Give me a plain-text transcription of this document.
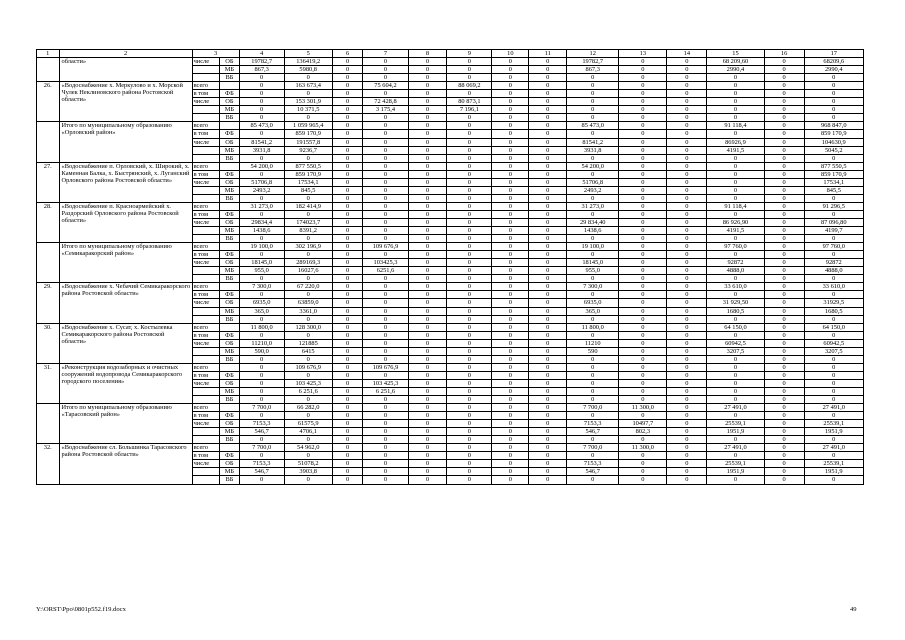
1	2	3		4	5	6	7	8	9	10	11	12	13	14	15	16	17
	области»	числе	ОБ	19782,7	136419,2	0	0	0	0	0	0	19782,7	0	0	68 209,60	0	68209,6
			МБ	867,3	5980,8	0	0	0	0	0	0	867,3	0	0	2990,4	0	2990,4
			ВБ	0	0	0	0	0	0	0	0	0	0	0	0	0	0
26.	«Водоснабжение х. Меркулово и х. Морской Чулек Неклиновского района Ростовской области»	всего		0	163 673,4	0	75 604,2	0	88 069,2	0	0	0	0	0	0	0	0
		в том	ФБ	0	0	0	0	0	0	0	0	0	0	0	0	0	0
		числе	ОБ	0	153 301,9	0	72 428,8	0	80 873,1	0	0	0	0	0	0	0	0
			МБ	0	10 371,5	0	3 175,4	0	7 196,1	0	0	0	0	0	0	0	0
			ВБ	0	0	0	0	0	0	0	0	0	0	0	0	0	0
	Итого по муниципальному образованию «Орловский район»	всего		85 473,0	1 059 965,4	0	0	0	0	0	0	85 473,0	0	0	91 118,4	0	968 847,0
		в том	ФБ	0	859 170,9	0	0	0	0	0	0	0	0	0	0	0	859 170,9
		числе	ОБ	81541,2	191557,8	0	0	0	0	0	0	81541,2	0	0	86926,9	0	104630,9
			МБ	3931,8	9236,7	0	0	0	0	0	0	3931,8	0	0	4191,5	0	5045,2
			ВБ	0	0	0	0	0	0	0	0	0	0	0	0	0	0
27.	«Водоснабжение п. Орловский, х. Широкий, х. Каменная Балка, х. Быстрянский, х. Луганский Орловского района Ростовской области»	всего		54 200,0	877 550,5	0	0	0	0	0	0	54 200,0	0	0	0	0	877 550,5
		в том	ФБ	0	859 170,9	0	0	0	0	0	0	0	0	0	0	0	859 170,9
		числе	ОБ	51706,8	17534,1	0	0	0	0	0	0	51706,8	0	0	0	0	17534,1
			МБ	2493,2	845,5	0	0	0	0	0	0	2493,2	0	0	0	0	845,5
			ВБ	0	0	0	0	0	0	0	0	0	0	0	0	0	0
28.	«Водоснабжение п. Красноармейский х. Раздорский Орловского района Ростовской области»	всего		31 273,0	182 414,9	0	0	0	0	0	0	31 273,0	0	0	91 118,4	0	91 296,5
		в том	ФБ	0	0	0	0	0	0	0	0	0	0	0	0	0	0
		числе	ОБ	29834,4	174023,7	0	0	0	0	0	0	29 834,40	0	0	86 926,90	0	87 096,80
			МБ	1438,6	8391,2	0	0	0	0	0	0	1438,6	0	0	4191,5	0	4199,7
			ВБ	0	0	0	0	0	0	0	0	0	0	0	0	0	0
	Итого по муниципальному образованию «Семикаракорский район»	всего		19 100,0	302 196,9	0	109 676,9	0	0	0	0	19 100,0	0	0	97 760,0	0	97 760,0
		в том	ФБ	0	0	0	0	0	0	0	0	0	0	0	0	0	0
		числе	ОБ	18145,0	289169,3	0	103425,3	0	0	0	0	18145,0	0	0	92872	0	92872
			МБ	955,0	16027,6	0	6251,6	0	0	0	0	955,0	0	0	4888,0	0	4888,0
			ВБ	0	0	0	0	0	0	0	0	0	0	0	0	0	0
29.	«Водоснабжение х. Чебачий Семикаракорского района Ростовской области»	всего		7 300,0	67 220,0	0	0	0	0	0	0	7 300,0	0	0	33 610,0	0	33 610,0
		в том	ФБ	0	0	0	0	0	0	0	0	0	0	0	0	0	0
		числе	ОБ	6935,0	63859,0	0	0	0	0	0	0	6935,0	0	0	31 929,50	0	31929,5
			МБ	365,0	3361,0	0	0	0	0	0	0	365,0	0	0	1680,5	0	1680,5
			ВБ	0	0	0	0	0	0	0	0	0	0	0	0	0	0
30.	«Водоснабжение х. Сусат, х. Костылевка Семикаракорского района Ростовской области»	всего		11 800,0	128 300,0	0	0	0	0	0	0	11 800,0	0	0	64 150,0	0	64 150,0
		в том	ФБ	0	0	0	0	0	0	0	0	0	0	0	0	0	0
		числе	ОБ	11210,0	121885	0	0	0	0	0	0	11210	0	0	60942,5	0	60942,5
			МБ	590,0	6415	0	0	0	0	0	0	590	0	0	3207,5	0	3207,5
			ВБ	0	0	0	0	0	0	0	0	0	0	0	0	0	0
31.	«Реконструкция водозаборных и очистных сооружений водопровода Семикаракорского городского поселения»	всего		0	109 676,9	0	109 676,9	0	0	0	0	0	0	0	0	0	0
		в том	ФБ	0	0	0	0	0	0	0	0	0	0	0	0	0	0
		числе	ОБ	0	103 425,3	0	103 425,3	0	0	0	0	0	0	0	0	0	0
			МБ	0	6 251,6	0	6 251,6	0	0	0	0	0	0	0	0	0	0
			ВБ	0	0	0	0	0	0	0	0	0	0	0	0	0	0
	Итого по муниципальному образованию «Тарасовский район»	всего		7 700,0	66 282,0	0	0	0	0	0	0	7 700,0	11 300,0	0	27 491,0	0	27 491,0
		в том	ФБ	0	0	0	0	0	0	0	0	0	0	0	0	0	0
		числе	ОБ	7153,3	61575,9	0	0	0	0	0	0	7153,3	10497,7	0	25539,1	0	25539,1
			МБ	546,7	4706,1	0	0	0	0	0	0	546,7	802,3	0	1951,9	0	1951,9
			ВБ	0	0	0	0	0	0	0	0	0	0	0	0	0	0
32.	«Водоснабжение сл. Большинка Тарасовского района Ростовской области»	всего		7 700,0	54 962,0	0	0	0	0	0	0	7 700,0	11 300,0	0	27 491,0	0	27 491,0
		в том	ФБ	0	0	0	0	0	0	0	0	0	0	0	0	0	0
		числе	ОБ	7153,3	51078,2	0	0	0	0	0	0	7153,3	0	0	25539,1	0	25539,1
			МБ	546,7	3903,8	0	0	0	0	0	0	546,7	0	0	1951,9	0	1951,9
			ВБ	0	0	0	0	0	0	0	0	0	0	0	0	0	0
Y:\ORST\Ppo\0801p552.f19.docx	49
